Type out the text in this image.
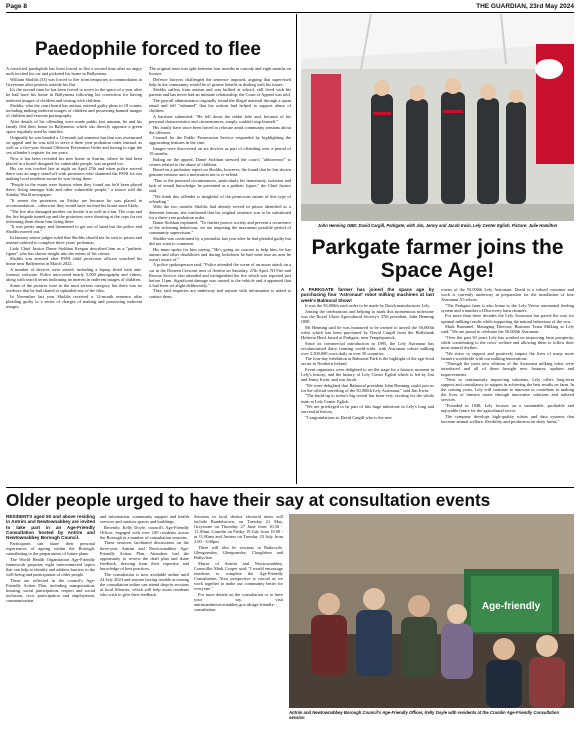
Page 8	THE GUARDIAN, 23rd May 2024
Paedophile forced to flee

A convicted paedophile has been forced to flee a second time after an angry mob torched his car and picketed his home in Ballymena.

William Sholdis (33) was forced to flee from temporary accommodation in Greystone after protests outside his flat.

It's the second time he has been forced to move in the space of a year after he had have his home in Ballymena following his conviction for having indecent images of children and sexting with children.

Sholdis, who the court heard has autism, entered guilty pleas to 18 counts, including making indecent images of children and possessing banned images of children and extreme pornography.

After details of his offending were made public last autumn, he and his family fled their home in Ballymena, which sits directly opposite a green space regularly used by families.

Originally he was handed a 12-month jail sentence but that was overturned on appeal and he was told to serve a three year probation order instead, as well as a five-year Sexual Offences Prevention Order and having to sign the sex offender's register for ten years.

Now it has been revealed his new home in Antrim, where he had been placed in a hostel designed for vulnerable people, was targeted too.

His car was torched late at night on April 27th and when police arrived there was an angry stand-off with protesters who slammed the PSNI for not making local residents aware he was living there.

"People in the estate were furious when they found out he'd been placed there, living amongst kids and other vulnerable people," a source told the Sunday World newspaper.

"It seems the protesters on Friday are because he was placed in accommodation – otherwise they would have torched his house most likely.

"The fire also damaged another car beside it as well as a bin. The cops and the fire brigade turned up and the protesters were shouting at the cops for not informing them about him living there.

"It was pretty angry and threatened to get out of hand but the police and Sholdis moved out."

In January senior judges ruled that Sholdis should not be sent to prison and instead ordered to complete three years' probation.

Lady Chief Justice Dame Siobhan Keegan described him as a "pathetic figure" who has shown insight into the extent of his crimes.

Sholdis was arrested after PSNI child protection officers searched his home near Ballymena in March 2022.

A number of devices were seized, including a laptop fitted with anti-forensic software. Police uncovered nearly 5,000 photographs and videos, along with search terms indicating an interest in indecent images of children.

Some of the pictures were in the most serious category, but there was no evidence that he had shared or uploaded any of the files.

In November last year Sholdis received a 12-month sentence after pleading guilty to a series of charges of making and possessing indecent images.

The original term was split between four months in custody and eight months on licence.

Defence lawyers challenged the sentence imposed, arguing that supervised help in the community would be of greater benefit in dealing with his issues.

Sholdis suffers from autism and was bullied at school, still lived with his parents and has never had an intimate relationship, the Court of Appeal was told.

The payroll administrator originally found the illegal material through a spam email and fell "ashamed" that his actions had helped to support abuse of children.

A barrister submitted: "He fell down the rabbit hole and, because of his personal characteristics and circumstances, simply couldn't stop himself."

His family have since been forced to relocate amid community tensions about the offences.

Counsel for the Public Prosecution Service responded by highlighting the aggravating features in the case.

Images were discovered on six devices as part of offending over a period of 19 months.

Ruling on the appeal, Dame Siobhan stressed the court's "abhorrence" to crimes related to the abuse of children.

Based on a probation report on Sholdis, however, the found that he has shown genuine remorse and a motivation not to re-offend.

"Due to the personal circumstances, particularly his immaturity, isolation and lack of sexual knowledge, he presented as a pathetic figure," the Chief Justice said.

"We think this offender is insightful of the pernicious nature of this type of offending."

With the two months Sholdis had already served in prison identified as a deterrent feature, she confirmed that his original sentence was to be substituted for a three-year probation order.

Dame Siobhan explained: "To further protect society and prevent a recurrence of the sickening behaviour, we are imposing the maximum possible period of community supervision."

Sholdis was confronted by a journalist last year after he had pleaded guilty but did not want to comment.

His mum spoke for him saying, "He's going on courses to help him, he has autism and other disabilities and during lockdown he had went into an area he wasn't aware of."

A police spokesperson said: "Police attended the scene of an arson attack on a car in the Doneen Crescent area of Antrim on Saturday, 27th April. NI Fire and Rescue Service also attended and extinguished the fire which was reported just before 11pm. Significant damage was caused to the vehicle and it appeared that it had been set alight deliberately."

They said enquiries are underway and anyone with information is asked to contact them.

John Henning OBE; David Cargill, Parkgate; with Jim, Jenny and Jacob Irwin, Lely Center Eglish. Picture: Julie Hamilton
Parkgate farmer joins the Space Age!

A PARKGATE farmer has joined the space age by purchasing four 'Astronaut' robot milking machines at last week's Balmoral Show!

It was the 50,000th such order to be made by Dutch manufacturer Lely.

Joining the celebrations and helping to mark this momentous milestone was the Royal Ulster Agricultural Society's 37th president, John Henning OBE.

Mr Henning said he was honoured to be invited to unveil the 50,000th robot which has been purchased by David Cargill from the Hollybank Holstein Herd, based at Parkgate, near Templepatrick.

Since its commercial introduction in 1995, the Lely Astronaut has revolutionised dairy farming world-wide, with Astronaut robots milking over 2,500,000 cows daily in over 50 countries.

The four-day exhibition at Balmoral Park is the highlight of the agri-food sector in Northern Ireland.

Event organisers were delighted to set the stage for a historic moment in Lely's history, and the history of Lely Center Eglish which is led by Jim and Jenny Irwin, and son Jacob.

"We were delighted that Balmoral president John Henning could join us for the official unveiling of the 50,000th Lely Astronaut," said Jim Irwin.

"The build-up to today's big reveal has been very exciting for the whole team at Lely Center Eglish.

"We are privileged to be part of this huge milestone in Lely's long and successful history.

"Congratulations to David Cargill who is the new

owner of the 50,000th Lely Astronaut. David is a valued customer and work is currently underway in preparation for the installation of four Astronaut A5 robots.

"The Parkgate farm is also home to the Lely Vector automated feeding system and a number of Discovery barn cleaners.

For more than three decades the Lely Astronaut has paved the way for optimal milking results while supporting the natural behaviour of the cow.

Mark Brummel, Managing Director, Business Team Milking at Lely said: "We are proud to celebrate the 50,000th Astronaut.

"Over the past 30 years Lely has worked on improving farm prosperity, while contributing to the cows' welfare and allowing them to follow their most natural rhythm.

"We strive to support and positively impact the lives of many more farmers worldwide with our milking innovations.

"Through the years new editions of the Astronaut milking robot were introduced and all of them brought new features, updates and improvements.

"Next to continuously improving solutions, Lely offers long-term support and consultancy to support in achieving the best results on farm. In the coming years, Lely will continue to innovate to contribute to making the lives of farmers easier through innovative solutions and tailored services.

"Founded in 1948, Lely focuses on a sustainable, profitable and enjoyable future for the agricultural sector.

The company develops high-quality robots and data systems that increase animal welfare, flexibility and production on dairy farms."

Older people urged to have their say at consultation events

RESIDENTS aged 50 and above residing in Antrim and Newtownabbey are invited to take part in an Age-Friendly Consultation hosted by Antrim and Newtownabbey Borough Council.

Participants can share their personal experiences of ageing within the Borough, contributing to the preparations of future plans.

The World Health Organisation Age-Friendly framework proposes eight interconnected topics that can help to identify and address barriers to the well-being and participation of older people.

These are reflected in the council's Age-Friendly Action Plan, including transportation, housing, social participation, respect and social inclusion, civic participation and employment, communication

and information, community support and health services and outdoor spaces and buildings.

Recently, Kelly Doyle, council's Age-Friendly Officer, engaged with over 100 residents across the Borough in a number of consultation sessions.

These sessions facilitated discussions on the three-year Antrim and Newtownabbey Age-Friendly Action Plan. Attendees had the opportunity to review the draft plan and share feedback, drawing from their expertise and knowledge of best practices.

The consultation is now available online until 24 July 2024 and anyone having trouble accessing the consultation online can attend drop-in sessions at local libraries, which will help assist residents who wish to give their feedback.

Sessions in local district electoral areas will include Randalstown, on Tuesday 21 May, Greystone on Thursday 27 June from 10.30 - 11.30am, Crumlin on Friday 19 July from 10.00 - at 11.00am and Antrim on Tuesday 23 July from 2.00 - 3.00pm.

There will also be sessions in Rathcoole, Glengormley, Glengormley, Cloughfern and Ballyclare.

Mayor of Antrim and Newtownabbey, Councillor Mark Cooper said: "I would encourage residents to complete the Age-Friendly Consultation. Your perspective is crucial as we work together to make our community better for everyone."

For more details on the consultation or to have your say, visit antrimandnewtownabbey.gov.uk/age-friendly-consultation	Age-friendly
Antrim and Newtownabbey Borough Council's Age-Friendly Officer, Kelly Doyle with residents at the Crumlin Age-Friendly Consultation session
